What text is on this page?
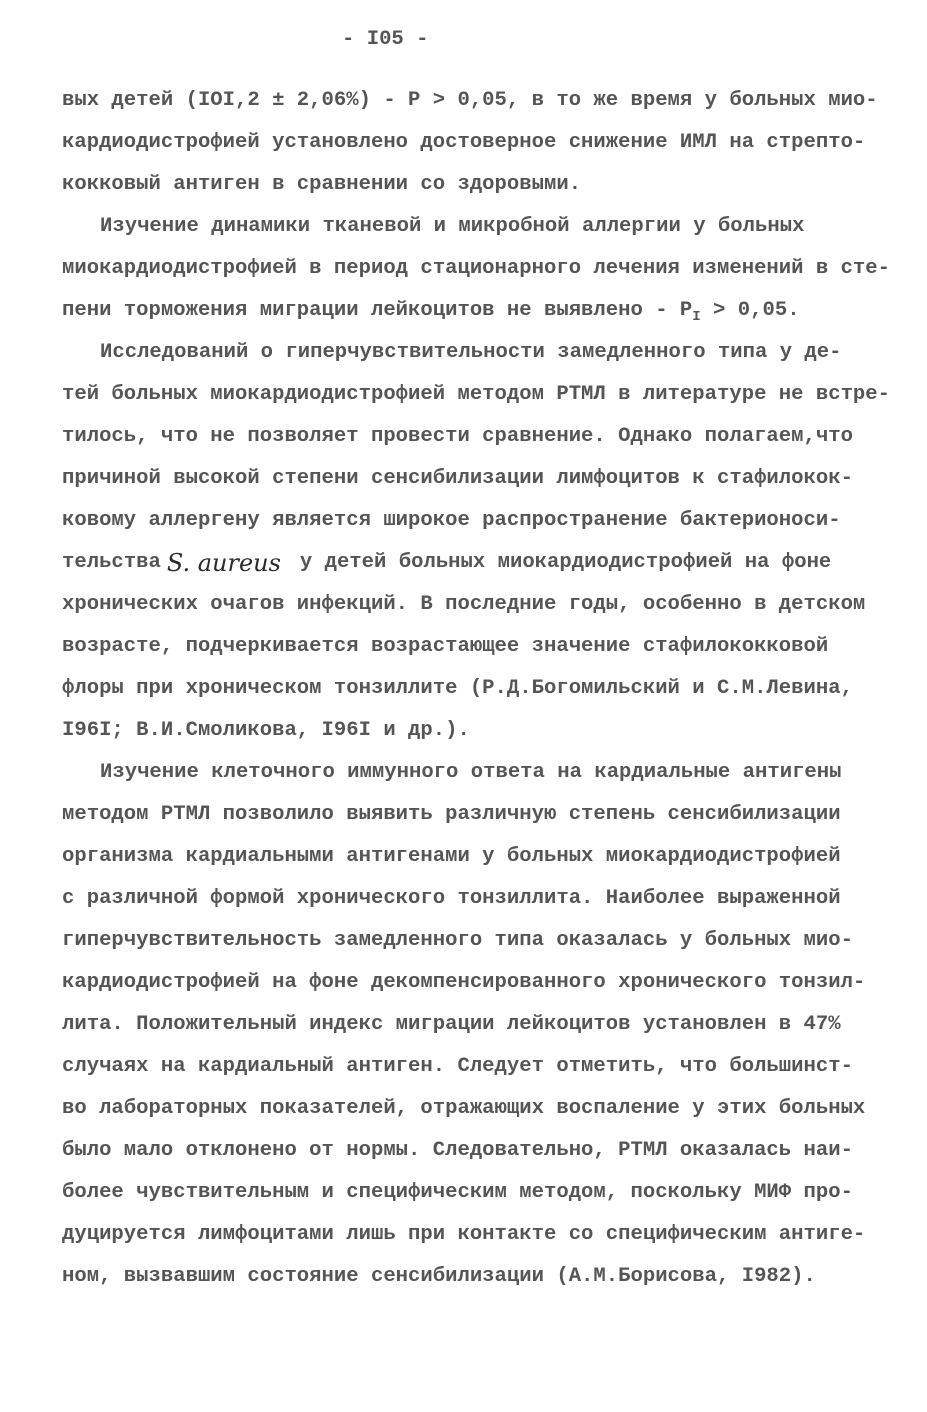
- I05 -
вых детей (IOI,2 ± 2,06%) - P > 0,05, в то же время у больных мио-
кардиодистрофией установлено достоверное снижение ИМЛ на стрепто-
кокковый антиген в сравнении со здоровыми.
Изучение динамики тканевой и микробной аллергии у больных
миокардиодистрофией в период стационарного лечения изменений в сте-
пени торможения миграции лейкоцитов не выявлено - $P_I > 0,05$.
Исследований о гиперчувствительности замедленного типа у де-
тей больных миокардиодистрофией методом РТМЛ в литературе не встре-
тилось, что не позволяет провести сравнение. Однако полагаем,что
причиной высокой степени сенсибилизации лимфоцитов к стафилокок-
ковому аллергену является широкое распространение бактерионоси-
тельства S. aureus у детей больных миокардиодистрофией на фоне
хронических очагов инфекций. В последние годы, особенно в детском
возрасте, подчеркивается возрастающее значение стафилококковой
флоры при хроническом тонзиллите (Р.Д.Богомильский и С.М.Левина,
I96I; В.И.Смоликова, I96I и др.).
Изучение клеточного иммунного ответа на кардиальные антигены
методом РТМЛ позволило выявить различную степень сенсибилизации
организма кардиальными антигенами у больных миокардиодистрофией
с различной формой хронического тонзиллита. Наиболее выраженной
гиперчувствительность замедленного типа оказалась у больных мио-
кардиодистрофией на фоне декомпенсированного хронического тонзил-
лита. Положительный индекс миграции лейкоцитов установлен в 47%
случаях на кардиальный антиген. Следует отметить, что большинст-
во лабораторных показателей, отражающих воспаление у этих больных
было мало отклонено от нормы. Следовательно, РТМЛ оказалась наи-
более чувствительным и специфическим методом, поскольку МИФ про-
дуцируется лимфоцитами лишь при контакте со специфическим антиге-
ном, вызвавшим состояние сенсибилизации (А.М.Борисова, I982).
